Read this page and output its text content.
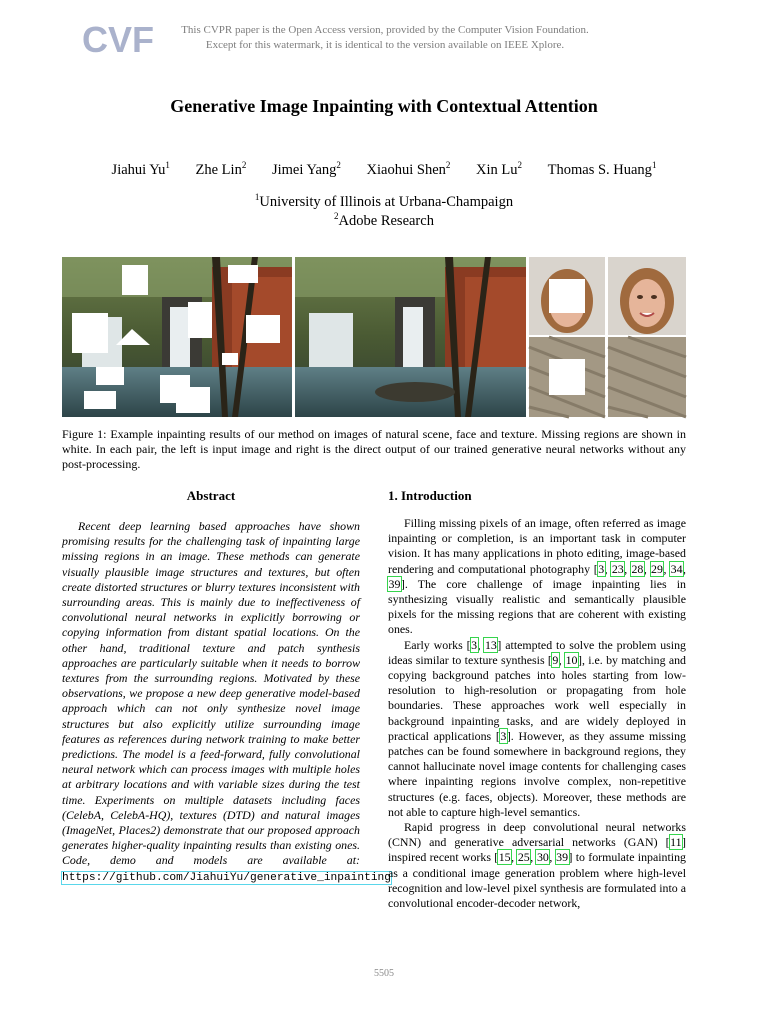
CVF	This CVPR paper is the Open Access version, provided by the Computer Vision Foundation.
Except for this watermark, it is identical to the version available on IEEE Xplore.
Generative Image Inpainting with Contextual Attention
Jiahui Yu$^1$ Zhe Lin$^2$ Jimei Yang$^2$ Xiaohui Shen$^2$ Xin Lu$^2$ Thomas S. Huang$^1$
$^1$University of Illinois at Urbana-Champaign
$^2$Adobe Research
Figure 1: Example inpainting results of our method on images of natural scene, face and texture. Missing regions are shown in white. In each pair, the left is input image and right is the direct output of our trained generative neural networks without any post-processing.
Abstract	1. Introduction

Recent deep learning based approaches have shown promising results for the challenging task of inpainting large missing regions in an image. These methods can generate visually plausible image structures and textures, but often create distorted structures or blurry textures inconsistent with surrounding areas. This is mainly due to ineffectiveness of convolutional neural networks in explicitly borrowing or copying information from distant spatial locations. On the other hand, traditional texture and patch synthesis approaches are particularly suitable when it needs to borrow textures from the surrounding regions. Motivated by these observations, we propose a new deep generative model-based approach which can not only synthesize novel image structures but also explicitly utilize surrounding image features as references during network training to make better predictions. The model is a feed-forward, fully convolutional neural network which can process images with multiple holes at arbitrary locations and with variable sizes during the test time. Experiments on multiple datasets including faces (CelebA, CelebA-HQ), textures (DTD) and natural images (ImageNet, Places2) demonstrate that our proposed approach generates higher-quality inpainting results than existing ones. Code, demo and models are available at: https://github.com/JiahuiYu/generative_inpainting

Filling missing pixels of an image, often referred as image inpainting or completion, is an important task in computer vision. It has many applications in photo editing, image-based rendering and computational photography [3, 23, 28, 29, 34, 39]. The core challenge of image inpainting lies in synthesizing visually realistic and semantically plausible pixels for the missing regions that are coherent with existing ones.

Early works [3, 13] attempted to solve the problem using ideas similar to texture synthesis [9, 10], i.e. by matching and copying background patches into holes starting from low-resolution to high-resolution or propagating from hole boundaries. These approaches work well especially in background inpainting tasks, and are widely deployed in practical applications [3]. However, as they assume missing patches can be found somewhere in background regions, they cannot hallucinate novel image contents for challenging cases where inpainting regions involve complex, non-repetitive structures (e.g. faces, objects). Moreover, these methods are not able to capture high-level semantics.

Rapid progress in deep convolutional neural networks (CNN) and generative adversarial networks (GAN) [11] inspired recent works [15, 25, 30, 39] to formulate inpainting as a conditional image generation problem where high-level recognition and low-level pixel synthesis are formulated into a convolutional encoder-decoder network,

5505
